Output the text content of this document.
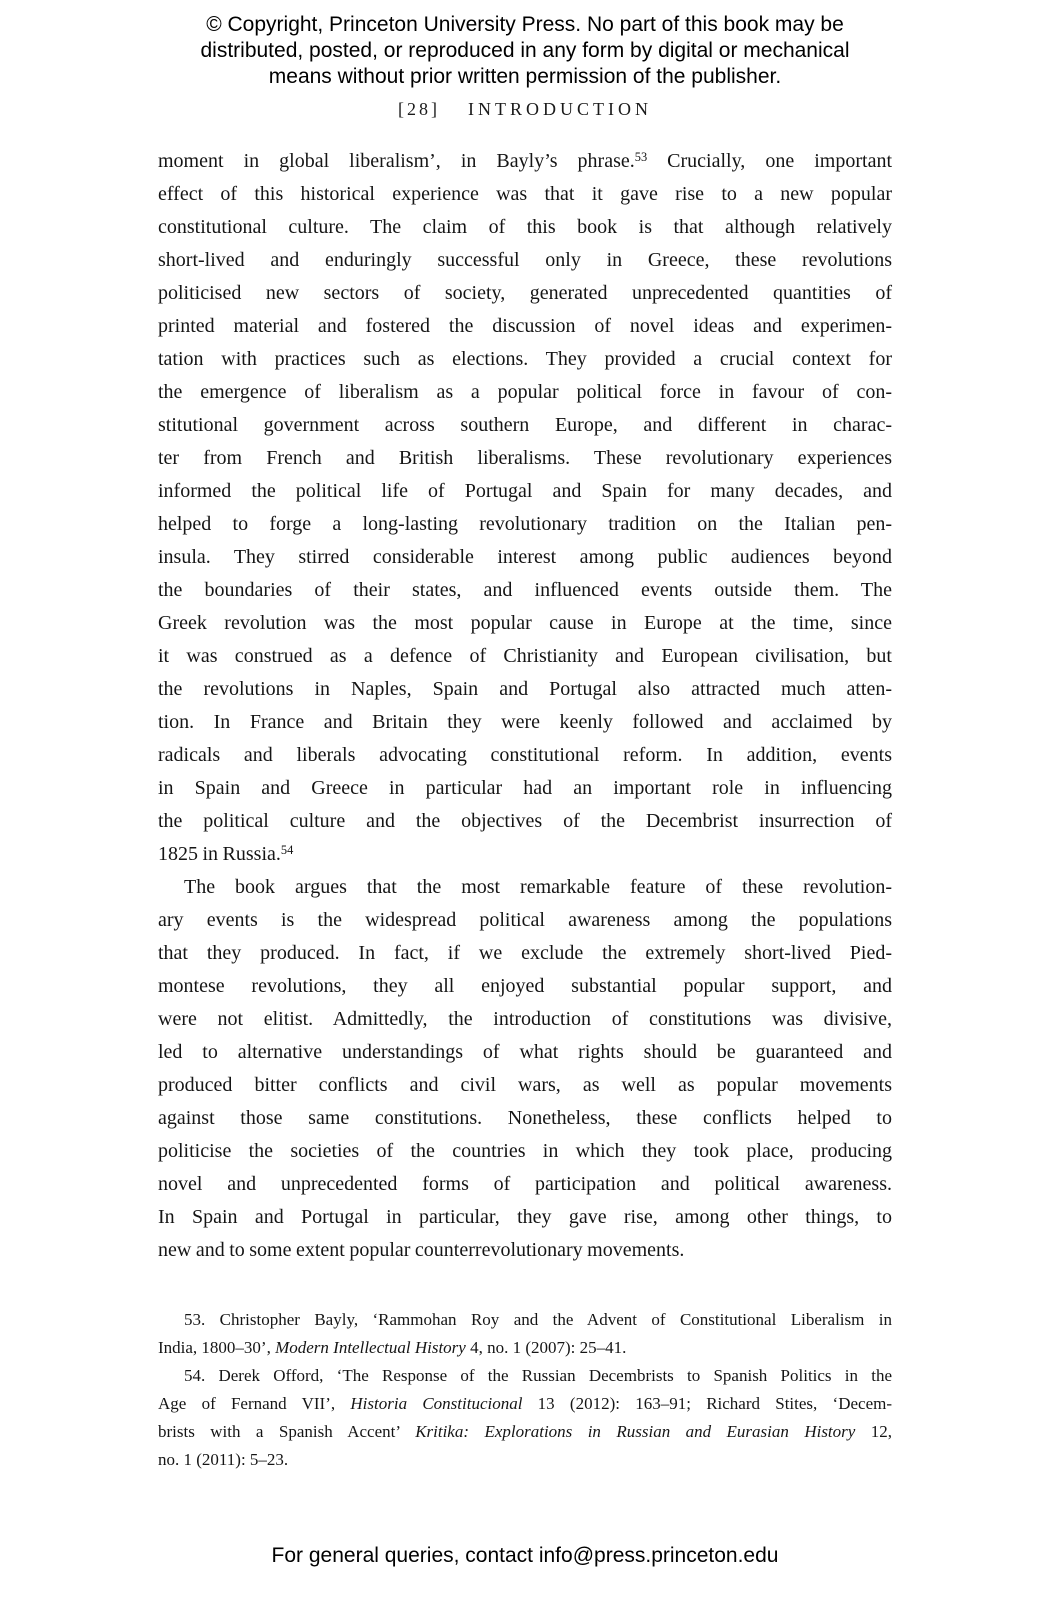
© Copyright, Princeton University Press. No part of this book may be
distributed, posted, or reproduced in any form by digital or mechanical
means without prior written permission of the publisher.
[28] INTRODUCTION
moment in global liberalism’, in Bayly’s phrase.$^{53}$ Crucially, one important
effect of this historical experience was that it gave rise to a new popular
constitutional culture. The claim of this book is that although relatively
short-lived and enduringly successful only in Greece, these revolutions
politicised new sectors of society, generated unprecedented quantities of
printed material and fostered the discussion of novel ideas and experimen-
tation with practices such as elections. They provided a crucial context for
the emergence of liberalism as a popular political force in favour of con-
stitutional government across southern Europe, and different in charac-
ter from French and British liberalisms. These revolutionary experiences
informed the political life of Portugal and Spain for many decades, and
helped to forge a long-lasting revolutionary tradition on the Italian pen-
insula. They stirred considerable interest among public audiences beyond
the boundaries of their states, and influenced events outside them. The
Greek revolution was the most popular cause in Europe at the time, since
it was construed as a defence of Christianity and European civilisation, but
the revolutions in Naples, Spain and Portugal also attracted much atten-
tion. In France and Britain they were keenly followed and acclaimed by
radicals and liberals advocating constitutional reform. In addition, events
in Spain and Greece in particular had an important role in influencing
the political culture and the objectives of the Decembrist insurrection of
1825 in Russia.$^{54}$
The book argues that the most remarkable feature of these revolution-
ary events is the widespread political awareness among the populations
that they produced. In fact, if we exclude the extremely short-lived Pied-
montese revolutions, they all enjoyed substantial popular support, and
were not elitist. Admittedly, the introduction of constitutions was divisive,
led to alternative understandings of what rights should be guaranteed and
produced bitter conflicts and civil wars, as well as popular movements
against those same constitutions. Nonetheless, these conflicts helped to
politicise the societies of the countries in which they took place, producing
novel and unprecedented forms of participation and political awareness.
In Spain and Portugal in particular, they gave rise, among other things, to
new and to some extent popular counterrevolutionary movements.
53. Christopher Bayly, ‘Rammohan Roy and the Advent of Constitutional Liberalism in
India, 1800–30’, Modern Intellectual History 4, no. 1 (2007): 25–41.
54. Derek Offord, ‘The Response of the Russian Decembrists to Spanish Politics in the
Age of Fernand VII’, Historia Constitucional 13 (2012): 163–91; Richard Stites, ‘Decem-
brists with a Spanish Accent’ Kritika: Explorations in Russian and Eurasian History 12,
no. 1 (2011): 5–23.
For general queries, contact info@press.princeton.edu
